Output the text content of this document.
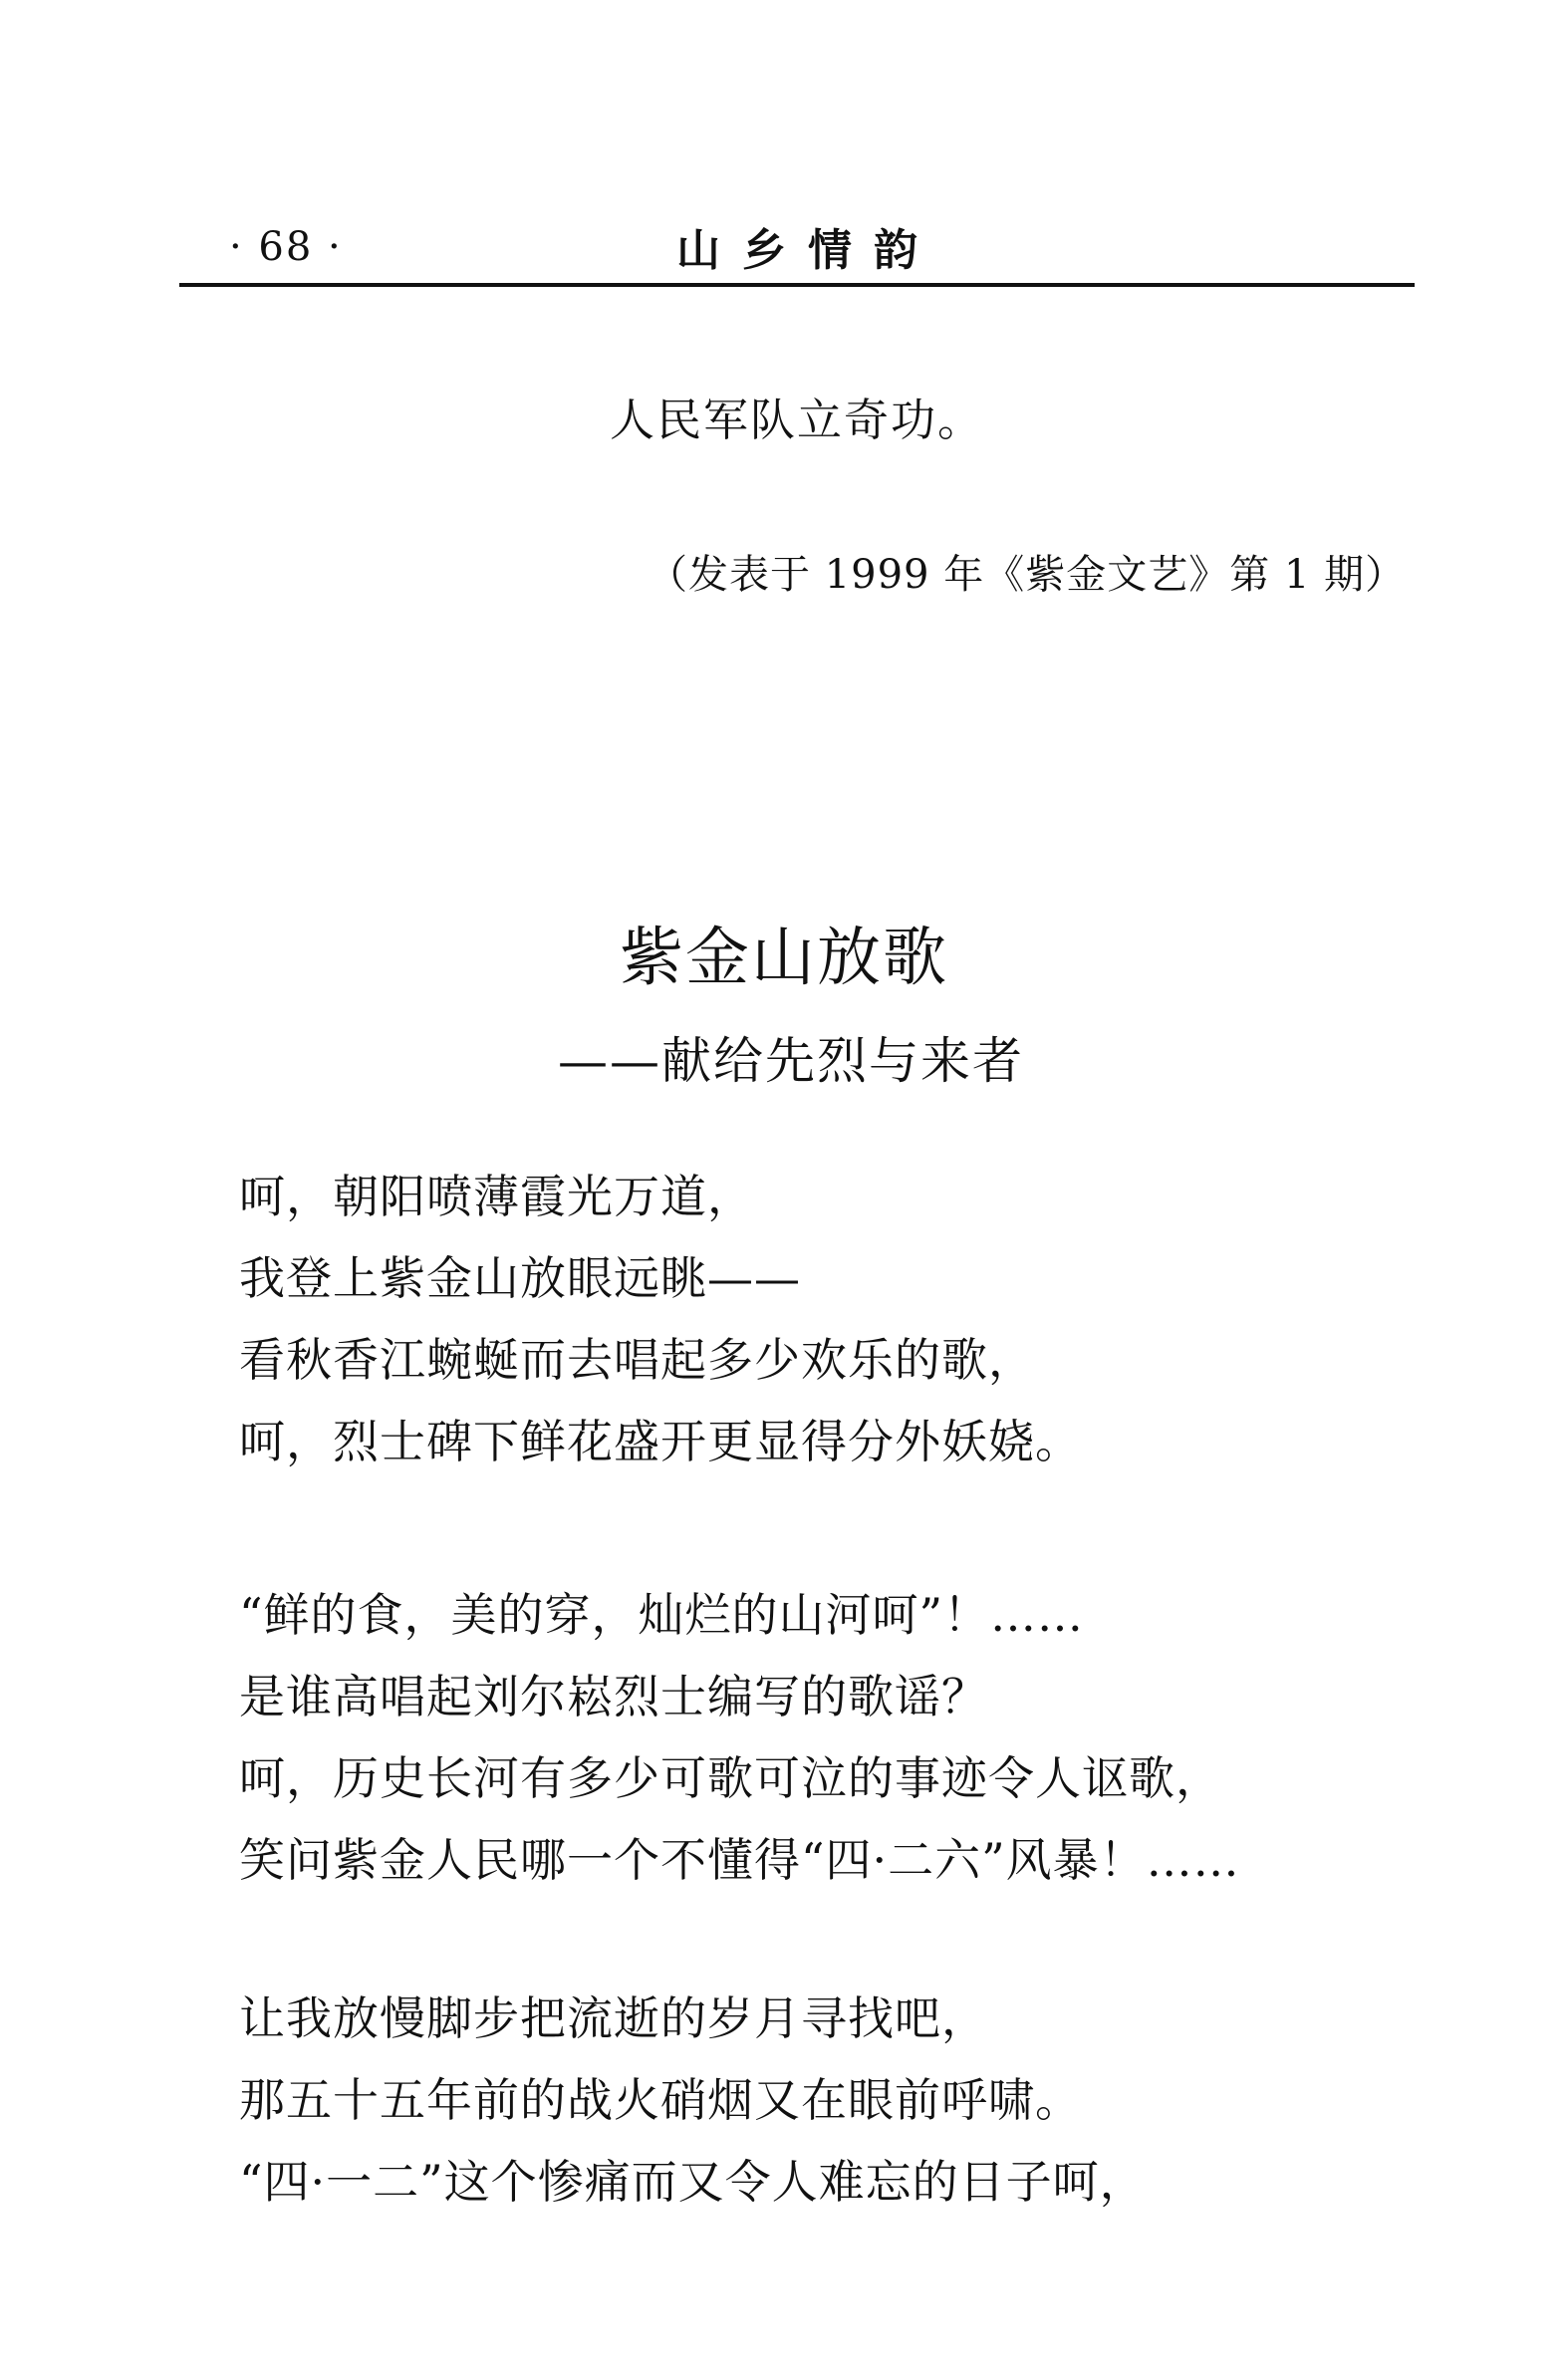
· 68 ·	山乡情韵
人民军队立奇功。
（发表于 1999 年《紫金文艺》第 1 期）
紫金山放歌
——献给先烈与来者
呵，朝阳喷薄霞光万道，
我登上紫金山放眼远眺——
看秋香江蜿蜒而去唱起多少欢乐的歌，
呵，烈士碑下鲜花盛开更显得分外妖娆。
“鲜的食，美的穿，灿烂的山河呵”！……
是谁高唱起刘尔崧烈士编写的歌谣？
呵，历史长河有多少可歌可泣的事迹令人讴歌，
笑问紫金人民哪一个不懂得“四·二六”风暴！……
让我放慢脚步把流逝的岁月寻找吧，
那五十五年前的战火硝烟又在眼前呼啸。
“四·一二”这个惨痛而又令人难忘的日子呵，
